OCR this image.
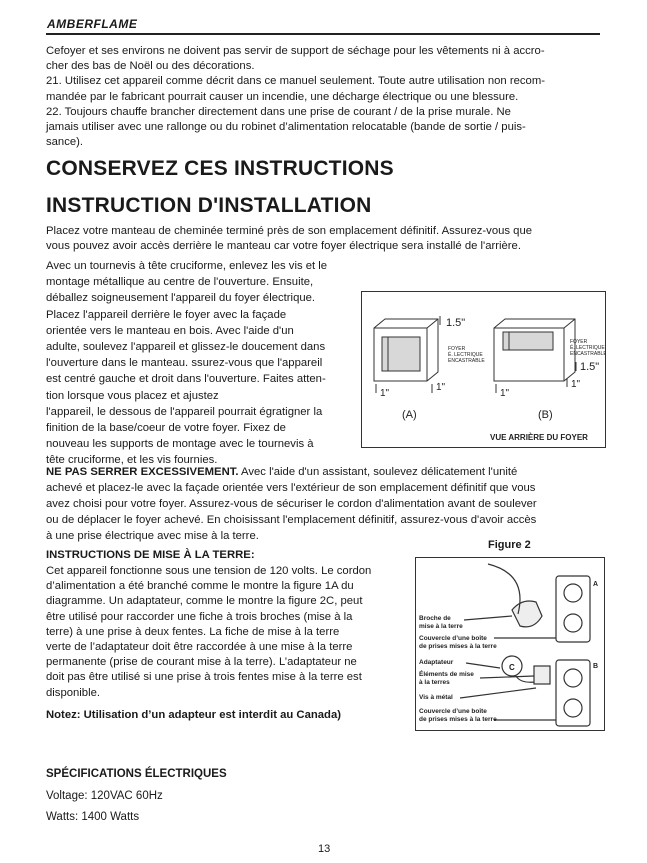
AMBERFLAME
Cefoyer et ses environs ne doivent pas servir de support de séchage pour les vêtements ni à accro-
cher des bas de Noël ou des décorations.
21. Utilisez cet appareil comme décrit dans ce manuel seulement. Toute autre utilisation non recom-
mandée par le fabricant pourrait causer un incendie, une décharge électrique ou une blessure.
22. Toujours chauffe brancher directement dans une prise de courant / de la prise murale. Ne
jamais utiliser avec une rallonge ou du robinet d’alimentation relocatable (bande de sortie / puis-
sance).
CONSERVEZ CES INSTRUCTIONS
INSTRUCTION D'INSTALLATION
Placez votre manteau de cheminée terminé près de son emplacement définitif. Assurez-vous que
vous pouvez avoir accès derrière le manteau car votre foyer électrique sera installé de l'arrière.
Avec un tournevis à tête cruciforme, enlevez les vis et le
montage métallique au centre de l'ouverture. Ensuite,
déballez soigneusement l'appareil du foyer électrique.
Placez l'appareil derrière le foyer avec la façade
orientée vers le manteau en bois. Avec l'aide d'un
adulte, soulevez l'appareil et glissez-le doucement dans
l'ouverture dans le manteau. ssurez-vous que l'appareil
est centré gauche et droit dans l'ouverture. Faites atten-
tion lorsque vous placez et ajustez
l'appareil, le dessous de l'appareil pourrait égratigner la
finition de la base/coeur de votre foyer. Fixez de
nouveau les supports de montage avec le tournevis à
tête cruciforme, et les vis fournies.
1.5"
1"
1"
1.5"
1"
1"
FOYER
É. LECTRIQUE
ENCASTRABLE
FOYER
É. LECTRIQUE
ENCASTRABLE
(A)	(B)
VUE ARRIÈRE DU FOYER
NE PAS SERRER EXCESSIVEMENT. Avec l'aide d'un assistant, soulevez délicatement l'unité
achevé et placez-le avec la façade orientée vers l'extérieur de son emplacement définitif que vous
avez choisi pour votre foyer. Assurez-vous de sécuriser le cordon d'alimentation avant de soulever
ou de déplacer le foyer achevé. En choisissant l'emplacement définitif, assurez-vous d'avoir accès
à une prise électrique avec mise à la terre.
INSTRUCTIONS DE MISE À LA TERRE:
Cet appareil fonctionne sous une tension de 120 volts. Le cordon
d’alimentation a été branché comme le montre la figure 1A du
diagramme. Un adaptateur, comme le montre la figure 2C, peut
être utilisé pour raccorder une fiche à trois broches (mise à la
terre) à une prise à deux fentes. La fiche de mise à la terre
verte de l’adaptateur doit être raccordée à une mise à la terre
permanente (prise de courant mise à la terre). L’adaptateur ne
doit pas être utilisé si une prise à trois fentes mise à la terre est
disponible.
Notez: Utilisation d’un adapteur est interdit au Canada)
Figure 2
Broche de
mise à la terre
Couvercle d’une boîte
de prises mises à la terre
Adaptateur
Éléments de mise
à la terres
Vis à métal
Couvercle d’une boîte
de prises mises à la terre
A
B
C
SPÉCIFICATIONS ÉLECTRIQUES
Voltage: 120VAC 60Hz
Watts: 1400 Watts
13
